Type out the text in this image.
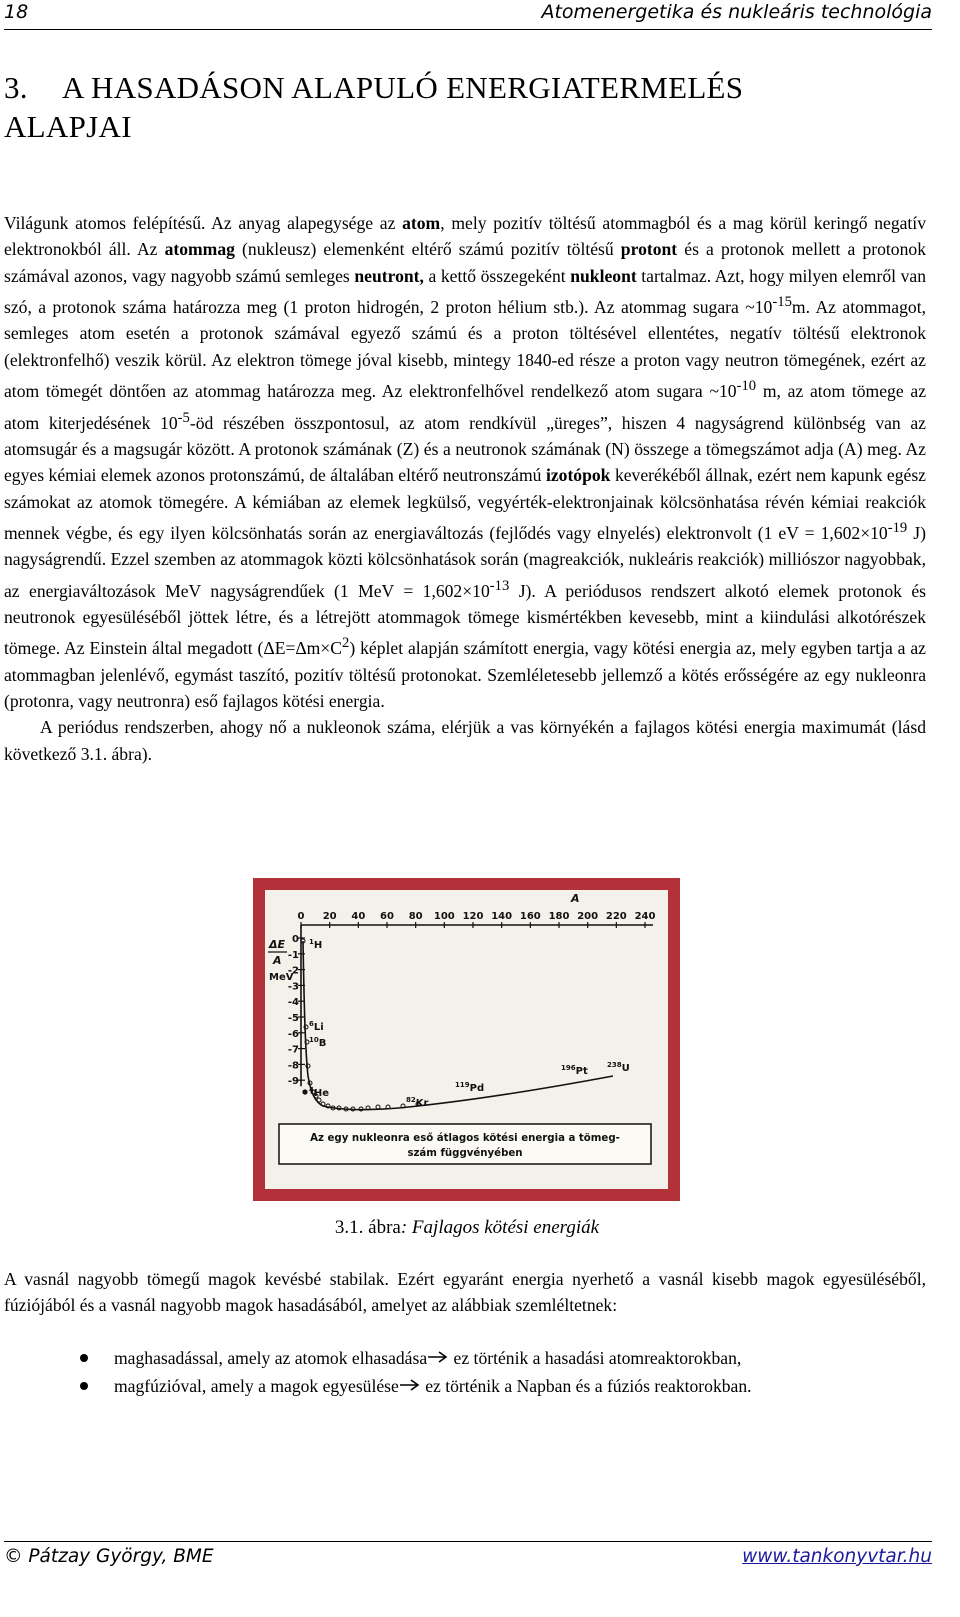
18	Atomenergetika és nukleáris technológia
3. A HASADÁSON ALAPULÓ ENERGIATERMELÉS
ALAPJAI

Világunk atomos felépítésű. Az anyag alapegysége az atom, mely pozitív töltésű atommagból és a mag körül keringő negatív elektronokból áll. Az atommag (nukleusz) elemenként eltérő számú pozitív töltésű protont és a protonok mellett a protonok számával azonos, vagy nagyobb számú semleges neutront, a kettő összegeként nukleont tartalmaz. Azt, hogy milyen elemről van szó, a protonok száma határozza meg (1 proton hidrogén, 2 proton hélium stb.). Az atommag sugara $\sim 10^{-15}m$. Az atommagot, semleges atom esetén a protonok számával egyező számú és a proton töltésével ellentétes, negatív töltésű elektronok (elektronfelhő) veszik körül. Az elektron tömege jóval kisebb, mintegy 1840-ed része a proton vagy neutron tömegének, ezért az atom tömegét döntően az atommag határozza meg. Az elektronfelhővel rendelkező atom sugara $\sim 10^{-10}$ m, az atom tömege az atom kiterjedésének $10^{-5}-öd$ részében összpontosul, az atom rendkívül „üreges”, hiszen 4 nagyságrend különbség van az atomsugár és a magsugár között. A protonok számának (Z) és a neutronok számának (N) összege a tömegszámot adja (A) meg. Az egyes kémiai elemek azonos protonszámú, de általában eltérő neutronszámú izotópok keverékéből állnak, ezért nem kapunk egész számokat az atomok tömegére. A kémiában az elemek legkülső, vegyérték-elektronjainak kölcsönhatása révén kémiai reakciók mennek végbe, és egy ilyen kölcsönhatás során az energiaváltozás (fejlődés vagy elnyelés) elektronvolt (1 eV = $1,602\times 10^{-19}$ J) nagyságrendű. Ezzel szemben az atommagok közti kölcsönhatások során (magreakciók, nukleáris reakciók) milliószor nagyobbak, az energiaváltozások MeV nagyságrendűek (1 MeV = $1,602\times 10^{-13}$ J). A periódusos rendszert alkotó elemek protonok és neutronok egyesüléséből jöttek létre, és a létrejött atommagok tömege kismértékben kevesebb, mint a kiindulási alkotórészek tömege. Az Einstein által megadott $(\Delta E=\Delta m\times C^2)$ képlet alapján számított energia, vagy kötési energia az, mely egyben tartja a az atommagban jelenlévő, egymást taszító, pozitív töltésű protonokat. Szemléletesebb jellemző a kötés erősségére az egy nukleonra (protonra, vagy neutronra) eső fajlagos kötési energia.

A periódus rendszerben, ahogy nő a nukleonok száma, elérjük a vas környékén a fajlagos kötési energia maximumát (lásd következő 3.1. ábra).

A
0 20 40 60 80 100 120 140 160 180 200 220 240
ΔE
A
MeV
0
-1
-2
-3
-4
-5
-6
-7
-8
-9
$^1$H
$^6$Li
$^{10}$B
$^4$He
$^{82}$Kr
$^{119}$Pd
$^{196}$Pt
$^{238}$U
Az egy nukleonra eső átlagos kötési energia a tömeg-
szám függvényében
3.1. ábra: Fajlagos kötési energiák

A vasnál nagyobb tömegű magok kevésbé stabilak. Ezért egyaránt energia nyerhető a vasnál kisebb magok egyesüléséből, fúziójából és a vasnál nagyobb magok hasadásából, amelyet az alábbiak szemléltetnek:

maghasadással, amely az atomok elhasadása ez történik a hasadási atomreaktorokban,
magfúzióval, amely a magok egyesülése ez történik a Napban és a fúziós reaktorokban.
© Pátzay György, BME	www.tankonyvtar.hu
